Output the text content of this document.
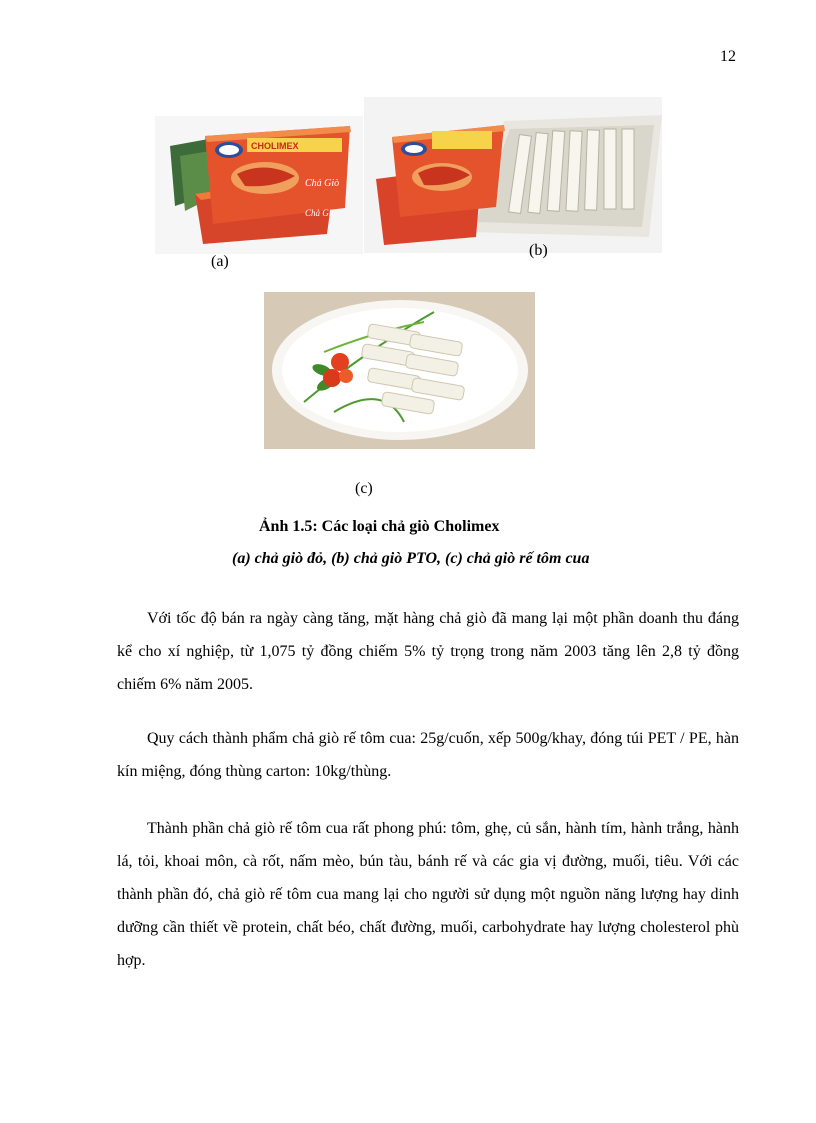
12
Chả Giò
Chả Giò
CHOLIMEX
(a)
(b)
(c)
Ảnh 1.5: Các loại chả giò Cholimex
(a) chả giò đỏ, (b) chả giò PTO, (c) chả giò rế tôm cua

Với tốc độ bán ra ngày càng tăng, mặt hàng chả giò đã mang lại một phần doanh thu đáng kể cho xí nghiệp, từ 1,075 tỷ đồng chiếm 5% tỷ trọng trong năm 2003 tăng lên 2,8 tỷ đồng chiếm 6% năm 2005.

Quy cách thành phẩm chả giò rế tôm cua: 25g/cuốn, xếp 500g/khay, đóng túi PET / PE, hàn kín miệng, đóng thùng carton: 10kg/thùng.

Thành phần chả giò rế tôm cua rất phong phú: tôm, ghẹ, củ sắn, hành tím, hành trắng, hành lá, tỏi, khoai môn, cà rốt, nấm mèo, bún tàu, bánh rế và các gia vị đường, muối, tiêu. Với các thành phần đó, chả giò rế tôm cua mang lại cho người sử dụng một nguồn năng lượng hay dinh dưỡng cần thiết về protein, chất béo, chất đường, muối, carbohydrate hay lượng cholesterol phù hợp.
